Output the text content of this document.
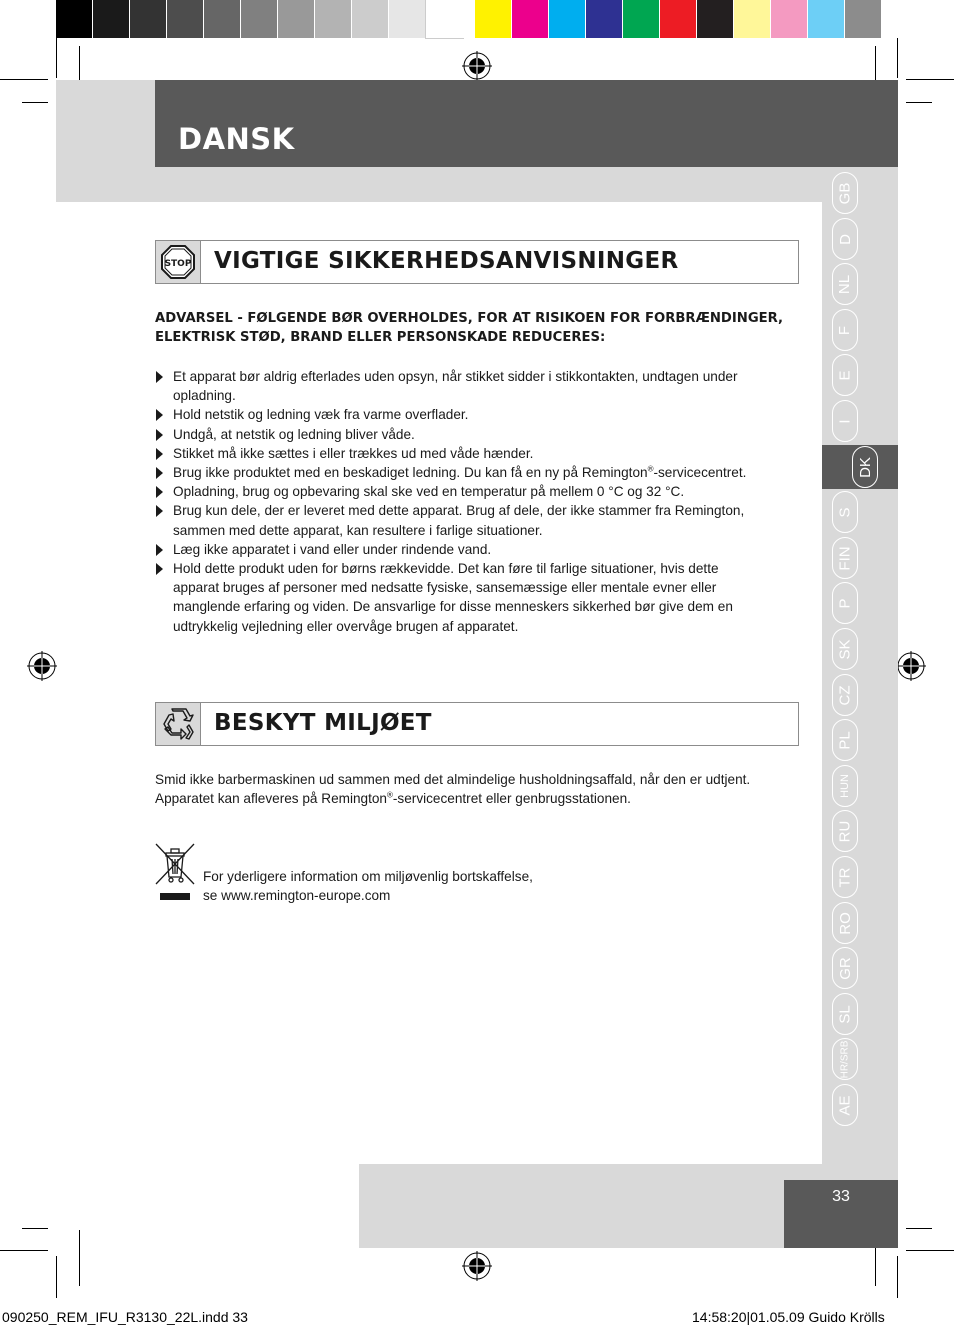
DANSK
33
GB
D
NL
F
E
I
DK
S
FIN
P
SK
CZ
PL
HUN
RU
TR
RO
GR
SL
HR/SRB
AE
STOP VIGTIGE SIKKERHEDSANVISNINGER
ADVARSEL - FØLGENDE BØR OVERHOLDES, FOR AT RISIKOEN FOR FORBRÆNDINGER, ELEKTRISK STØD, BRAND ELLER PERSONSKADE REDUCERES:
Et apparat bør aldrig efterlades uden opsyn, når stikket sidder i stikkontakten, undtagen under opladning.
Hold netstik og ledning væk fra varme overflader.
Undgå, at netstik og ledning bliver våde.
Stikket må ikke sættes i eller trækkes ud med våde hænder.
Brug ikke produktet med en beskadiget ledning. Du kan få en ny på Remington®-servicecentret.
Opladning, brug og opbevaring skal ske ved en temperatur på mellem 0 °C og 32 °C.
Brug kun dele, der er leveret med dette apparat. Brug af dele, der ikke stammer fra Remington, sammen med dette apparat, kan resultere i farlige situationer.
Læg ikke apparatet i vand eller under rindende vand.
Hold dette produkt uden for børns rækkevidde. Det kan føre til farlige situationer, hvis dette apparat bruges af personer med nedsatte fysiske, sansemæssige eller mentale evner eller manglende erfaring og viden. De ansvarlige for disse menneskers sikkerhed bør give dem en udtrykkelig vejledning eller overvåge brugen af apparatet.
BESKYT MILJØET
Smid ikke barbermaskinen ud sammen med det almindelige husholdningsaffald, når den er udtjent. Apparatet kan afleveres på Remington®-servicecentret eller genbrugsstationen.
For yderligere information om miljøvenlig bortskaffelse,
se www.remington-europe.com
090250_REM_IFU_R3130_22L.indd 33	14:58:20|01.05.09 Guido Krölls
